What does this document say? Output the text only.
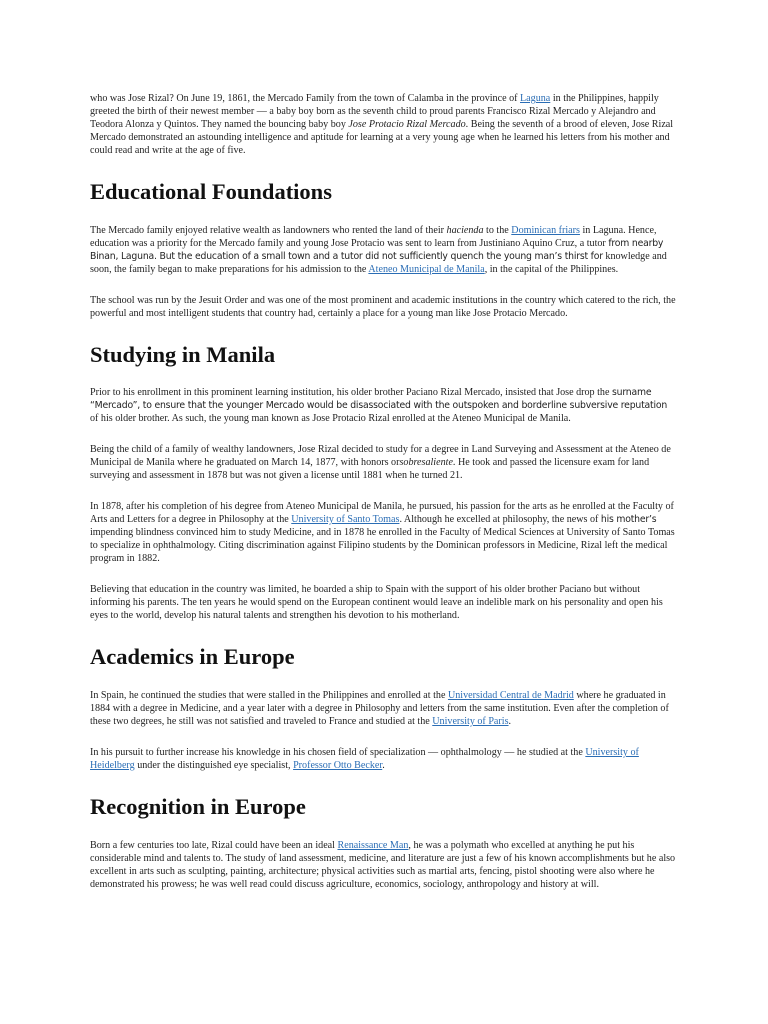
who was Jose Rizal? On June 19, 1861, the Mercado Family from the town of Calamba in the province of Laguna in the Philippines, happily greeted the birth of their newest member — a baby boy born as the seventh child to proud parents Francisco Rizal Mercado y Alejandro and Teodora Alonza y Quintos. They named the bouncing baby boy Jose Protacio Rizal Mercado. Being the seventh of a brood of eleven, Jose Rizal Mercado demonstrated an astounding intelligence and aptitude for learning at a very young age when he learned his letters from his mother and could read and write at the age of five.

Educational Foundations

The Mercado family enjoyed relative wealth as landowners who rented the land of their hacienda to the Dominican friars in Laguna. Hence, education was a priority for the Mercado family and young Jose Protacio was sent to learn from Justiniano Aquino Cruz, a tutor from nearby Binan, Laguna. But the education of a small town and a tutor did not sufficiently quench the young man’s thirst for knowledge and soon, the family began to make preparations for his admission to the Ateneo Municipal de Manila, in the capital of the Philippines.

The school was run by the Jesuit Order and was one of the most prominent and academic institutions in the country which catered to the rich, the powerful and most intelligent students that country had, certainly a place for a young man like Jose Protacio Mercado.

Studying in Manila

Prior to his enrollment in this prominent learning institution, his older brother Paciano Rizal Mercado, insisted that Jose drop the surname “Mercado”, to ensure that the younger Mercado would be disassociated with the outspoken and borderline subversive reputation of his older brother. As such, the young man known as Jose Protacio Rizal enrolled at the Ateneo Municipal de Manila.

Being the child of a family of wealthy landowners, Jose Rizal decided to study for a degree in Land Surveying and Assessment at the Ateneo de Municipal de Manila where he graduated on March 14, 1877, with honors orsobresaliente. He took and passed the licensure exam for land surveying and assessment in 1878 but was not given a license until 1881 when he turned 21.

In 1878, after his completion of his degree from Ateneo Municipal de Manila, he pursued, his passion for the arts as he enrolled at the Faculty of Arts and Letters for a degree in Philosophy at the University of Santo Tomas. Although he excelled at philosophy, the news of his mother’s impending blindness convinced him to study Medicine, and in 1878 he enrolled in the Faculty of Medical Sciences at University of Santo Tomas to specialize in ophthalmology. Citing discrimination against Filipino students by the Dominican professors in Medicine, Rizal left the medical program in 1882.

Believing that education in the country was limited, he boarded a ship to Spain with the support of his older brother Paciano but without informing his parents. The ten years he would spend on the European continent would leave an indelible mark on his personality and open his eyes to the world, develop his natural talents and strengthen his devotion to his motherland.

Academics in Europe

In Spain, he continued the studies that were stalled in the Philippines and enrolled at the Universidad Central de Madrid where he graduated in 1884 with a degree in Medicine, and a year later with a degree in Philosophy and letters from the same institution. Even after the completion of these two degrees, he still was not satisfied and traveled to France and studied at the University of Paris.

In his pursuit to further increase his knowledge in his chosen field of specialization — ophthalmology — he studied at the University of Heidelberg under the distinguished eye specialist, Professor Otto Becker.

Recognition in Europe

Born a few centuries too late, Rizal could have been an ideal Renaissance Man, he was a polymath who excelled at anything he put his considerable mind and talents to. The study of land assessment, medicine, and literature are just a few of his known accomplishments but he also excellent in arts such as sculpting, painting, architecture; physical activities such as martial arts, fencing, pistol shooting were also where he demonstrated his prowess; he was well read could discuss agriculture, economics, sociology, anthropology and history at will.
